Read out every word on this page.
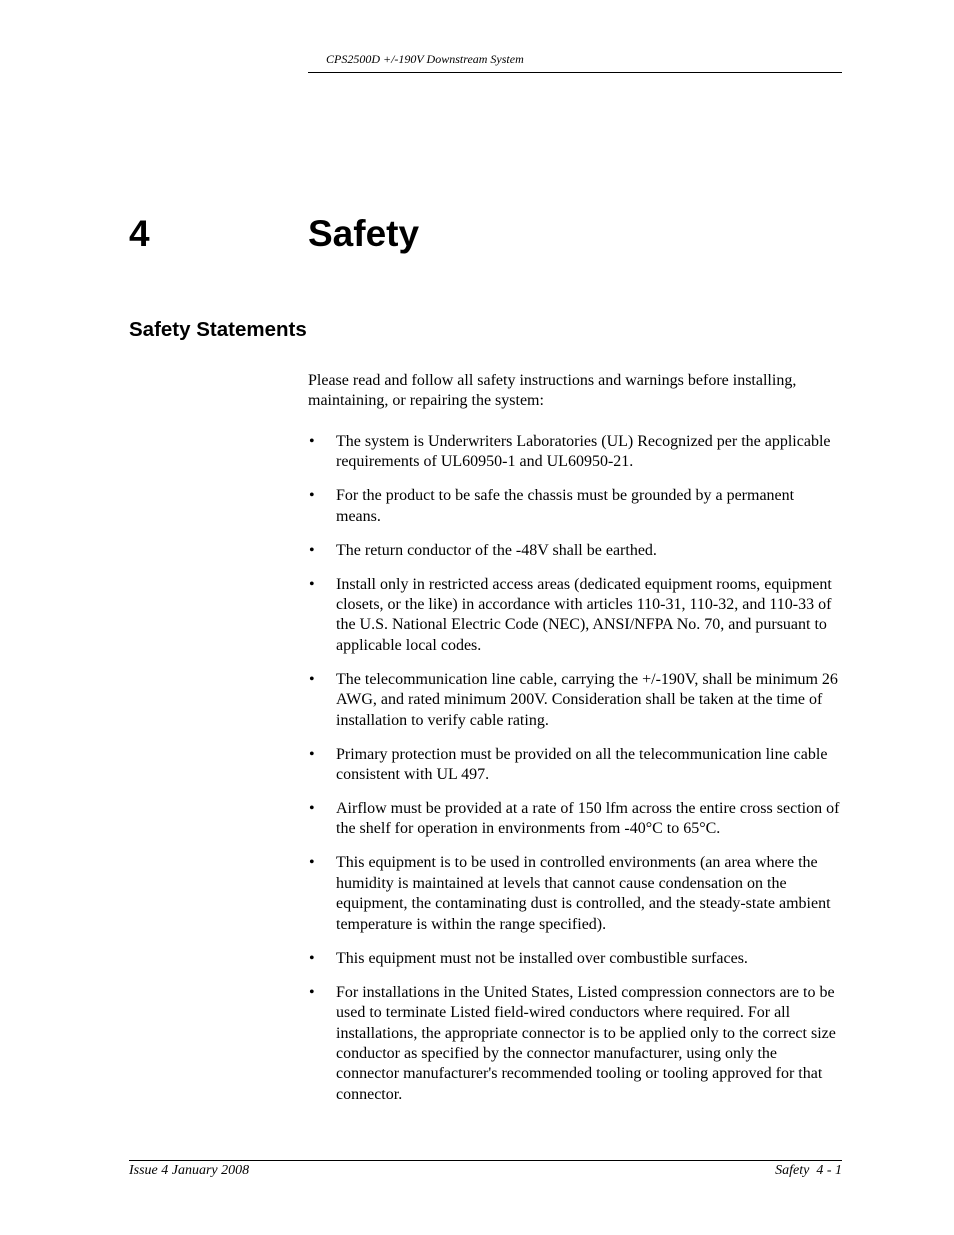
CPS2500D +/-190V Downstream System
4	Safety
Safety Statements

Please read and follow all safety instructions and warnings before installing, maintaining, or repairing the system:

• The system is Underwriters Laboratories (UL) Recognized per the applicable requirements of UL60950-1 and UL60950-21.
• For the product to be safe the chassis must be grounded by a permanent means.
• The return conductor of the -48V shall be earthed.
• Install only in restricted access areas (dedicated equipment rooms, equipment closets, or the like) in accordance with articles 110-31, 110-32, and 110-33 of the U.S. National Electric Code (NEC), ANSI/NFPA No. 70, and pursuant to applicable local codes.
• The telecommunication line cable, carrying the +/-190V, shall be minimum 26 AWG, and rated minimum 200V. Consideration shall be taken at the time of installation to verify cable rating.
• Primary protection must be provided on all the telecommunication line cable consistent with UL 497.
• Airflow must be provided at a rate of 150 lfm across the entire cross section of the shelf for operation in environments from -40°C to 65°C.
• This equipment is to be used in controlled environments (an area where the humidity is maintained at levels that cannot cause condensation on the equipment, the contaminating dust is controlled, and the steady-state ambient temperature is within the range specified).
• This equipment must not be installed over combustible surfaces.
• For installations in the United States, Listed compression connectors are to be used to terminate Listed field-wired conductors where required. For all installations, the appropriate connector is to be applied only to the correct size conductor as specified by the connector manufacturer, using only the connector manufacturer's recommended tooling or tooling approved for that connector.
Issue 4 January 2008	Safety  4 - 1
